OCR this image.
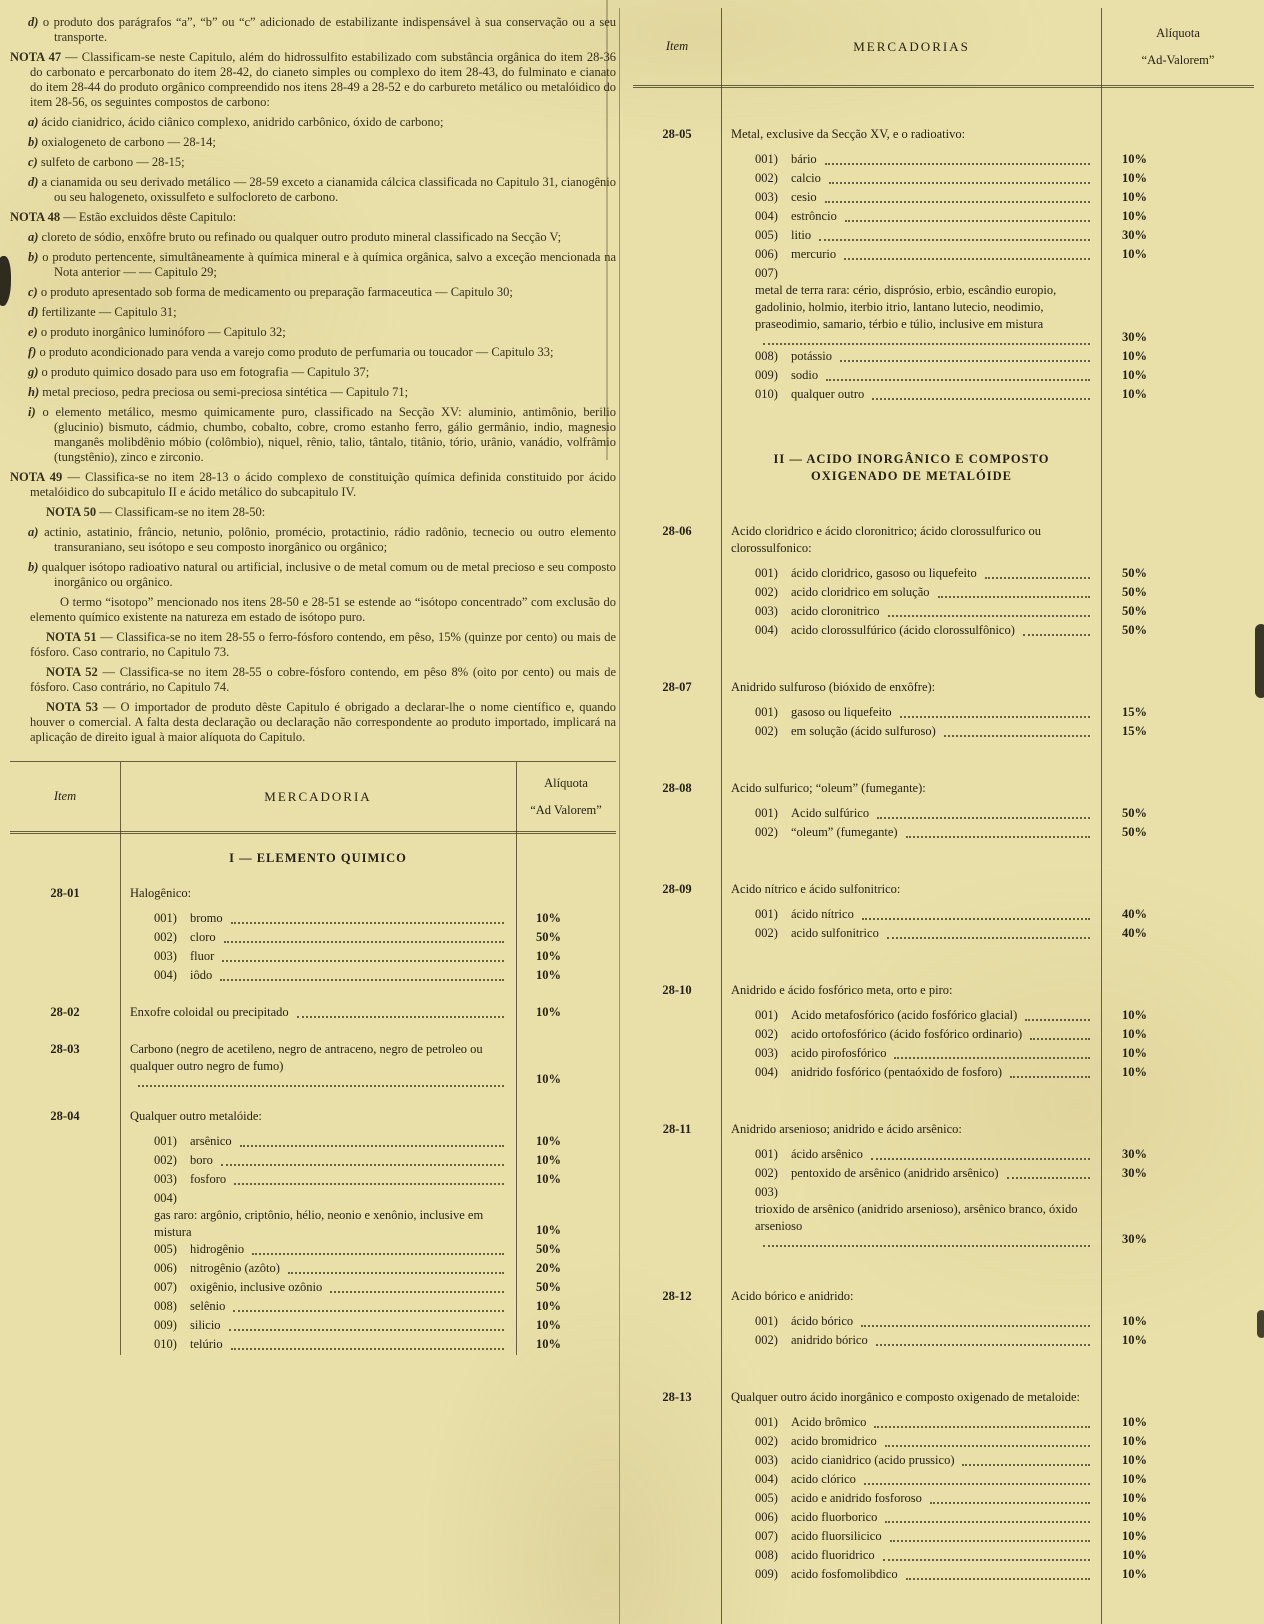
d) o produto dos parágrafos “a”, “b” ou “c” adicionado de estabilizante indispensável à sua conservação ou a seu transporte.

NOTA 47 — Classificam-se neste Capitulo, além do hidrossulfito estabilizado com substância orgânica do item 28-36 do carbonato e percarbonato do item 28-42, do cianeto simples ou complexo do item 28-43, do fulminato e cianato do item 28-44 do produto orgânico compreendido nos itens 28-49 a 28-52 e do carbureto metálico ou metalóidico do item 28-56, os seguintes compostos de carbono:

a) ácido cianidrico, ácido ciânico complexo, anidrido carbônico, óxido de carbono;

b) oxialogeneto de carbono — 28-14;

c) sulfeto de carbono — 28-15;

d) a cianamida ou seu derivado metálico — 28-59 exceto a cianamida cálcica classificada no Capitulo 31, cianogênio ou seu halogeneto, oxissulfeto e sulfocloreto de carbono.

NOTA 48 — Estão excluidos dêste Capitulo:

a) cloreto de sódio, enxôfre bruto ou refinado ou qualquer outro produto mineral classificado na Secção V;

b) o produto pertencente, simultâneamente à química mineral e à química orgânica, salvo a exceção mencionada na Nota anterior — — Capitulo 29;

c) o produto apresentado sob forma de medicamento ou preparação farmaceutica — Capitulo 30;

d) fertilizante — Capitulo 31;

e) o produto inorgânico luminóforo — Capitulo 32;

f) o produto acondicionado para venda a varejo como produto de perfumaria ou toucador — Capitulo 33;

g) o produto quimico dosado para uso em fotografia — Capitulo 37;

h) metal precioso, pedra preciosa ou semi-preciosa sintética — Capitulo 71;

i) o elemento metálico, mesmo quimicamente puro, classificado na Secção XV: aluminio, antimônio, berilio (glucinio) bismuto, cádmio, chumbo, cobalto, cobre, cromo estanho ferro, gálio germânio, indio, magnesio manganês molibdênio móbio (colômbio), niquel, rênio, talio, tântalo, titânio, tório, urânio, vanádio, volfrâmio (tungstênio), zinco e zirconio.

NOTA 49 — Classifica-se no item 28-13 o ácido complexo de constituição química definida constituido por ácido metalóidico do subcapitulo II e ácido metálico do subcapitulo IV.

NOTA 50 — Classificam-se no item 28-50:

a) actinio, astatinio, frâncio, netunio, polônio, promécio, protactinio, rádio radônio, tecnecio ou outro elemento transuraniano, seu isótopo e seu composto inorgânico ou orgânico;

b) qualquer isótopo radioativo natural ou artificial, inclusive o de metal comum ou de metal precioso e seu composto inorgânico ou orgânico.

O termo “isotopo” mencionado nos itens 28-50 e 28-51 se estende ao “isótopo concentrado” com exclusão do elemento químico existente na natureza em estado de isótopo puro.

NOTA 51 — Classifica-se no item 28-55 o ferro-fósforo contendo, em pêso, 15% (quinze por cento) ou mais de fósforo. Caso contrario, no Capitulo 73.

NOTA 52 — Classifica-se no item 28-55 o cobre-fósforo contendo, em pêso 8% (oito por cento) ou mais de fósforo. Caso contrário, no Capitulo 74.

NOTA 53 — O importador de produto dêste Capitulo é obrigado a declarar-lhe o nome científico e, quando houver o comercial. A falta desta declaração ou declaração não correspondente ao produto importado, implicará na aplicação de direito igual à maior alíquota do Capitulo.

Item	MERCADORIA
Alíquota
“Ad Valorem”
I — ELEMENTO QUIMICO
28-01	Halogênico:
001)	bromo	10%
002)	cloro	50%
003)	fluor	10%
004)	iôdo	10%
28-02	Enxofre coloidal ou precipitado	10%
28-03	Carbono (negro de acetileno, negro de antraceno, negro de petroleo ou qualquer outro negro de fumo)
10%
28-04	Qualquer outro metalóide:
001)	arsênico	10%
002)	boro	10%
003)	fosforo	10%
004)
gas raro: argônio, criptônio, hélio, neonio e xenônio, inclusive em mistura	10%
005)	hidrogênio	50%
006)	nitrogênio (azôto)	20%
007)	oxigênio, inclusive ozônio	50%
008)	selênio	10%
009)	silicio	10%
010)	telúrio	10%
Item	MERCADORIAS
Alíquota
“Ad-Valorem”
28-05	Metal, exclusive da Secção XV, e o radioativo:
001)	bário	10%
002)	calcio	10%
003)	cesio	10%
004)	estrôncio	10%
005)	litio	30%
006)	mercurio	10%
007)
metal de terra rara: cério, disprósio, erbio, escândio europio, gadolinio, holmio, iterbio itrio, lantano lutecio, neodimio, praseodimio, samario, térbio e túlio, inclusive em mistura
30%
008)	potássio	10%
009)	sodio	10%
010)	qualquer outro	10%
II — ACIDO INORGÂNICO E COMPOSTO OXIGENADO DE METALÓIDE
28-06	Acido cloridrico e ácido cloronitrico; ácido clorossulfurico ou clorossulfonico:
001)	ácido cloridrico, gasoso ou liquefeito	50%
002)	acido cloridrico em solução	50%
003)	acido cloronitrico	50%
004)	acido clorossulfúrico (ácido clorossulfônico)	50%
28-07	Anidrido sulfuroso (bióxido de enxôfre):
001)	gasoso ou liquefeito	15%
002)	em solução (ácido sulfuroso)	15%
28-08	Acido sulfurico; “oleum” (fumegante):
001)	Acido sulfúrico	50%
002)	“oleum” (fumegante)	50%
28-09	Acido nítrico e ácido sulfonitrico:
001)	ácido nítrico	40%
002)	acido sulfonitrico	40%
28-10	Anidrido e ácido fosfórico meta, orto e piro:
001)	Acido metafosfórico (acido fosfórico glacial)	10%
002)	acido ortofosfórico (ácido fosfórico ordinario)	10%
003)	acido pirofosfórico	10%
004)	anidrido fosfórico (pentaóxido de fosforo)	10%
28-11	Anidrido arsenioso; anidrido e ácido arsênico:
001)	ácido arsênico	30%
002)	pentoxido de arsênico (anidrido arsênico)	30%
003)
trioxido de arsênico (anidrido arsenioso), arsênico branco, óxido arsenioso
30%
28-12	Acido bórico e anidrido:
001)	ácido bórico	10%
002)	anidrido bórico	10%
28-13	Qualquer outro ácido inorgânico e composto oxigenado de metaloide:
001)	Acido brômico	10%
002)	acido bromidrico	10%
003)	acido cianidrico (acido prussico)	10%
004)	acido clórico	10%
005)	acido e anidrido fosforoso	10%
006)	acido fluorborico	10%
007)	acido fluorsilicico	10%
008)	acido fluoridrico	10%
009)	acido fosfomolibdico	10%
